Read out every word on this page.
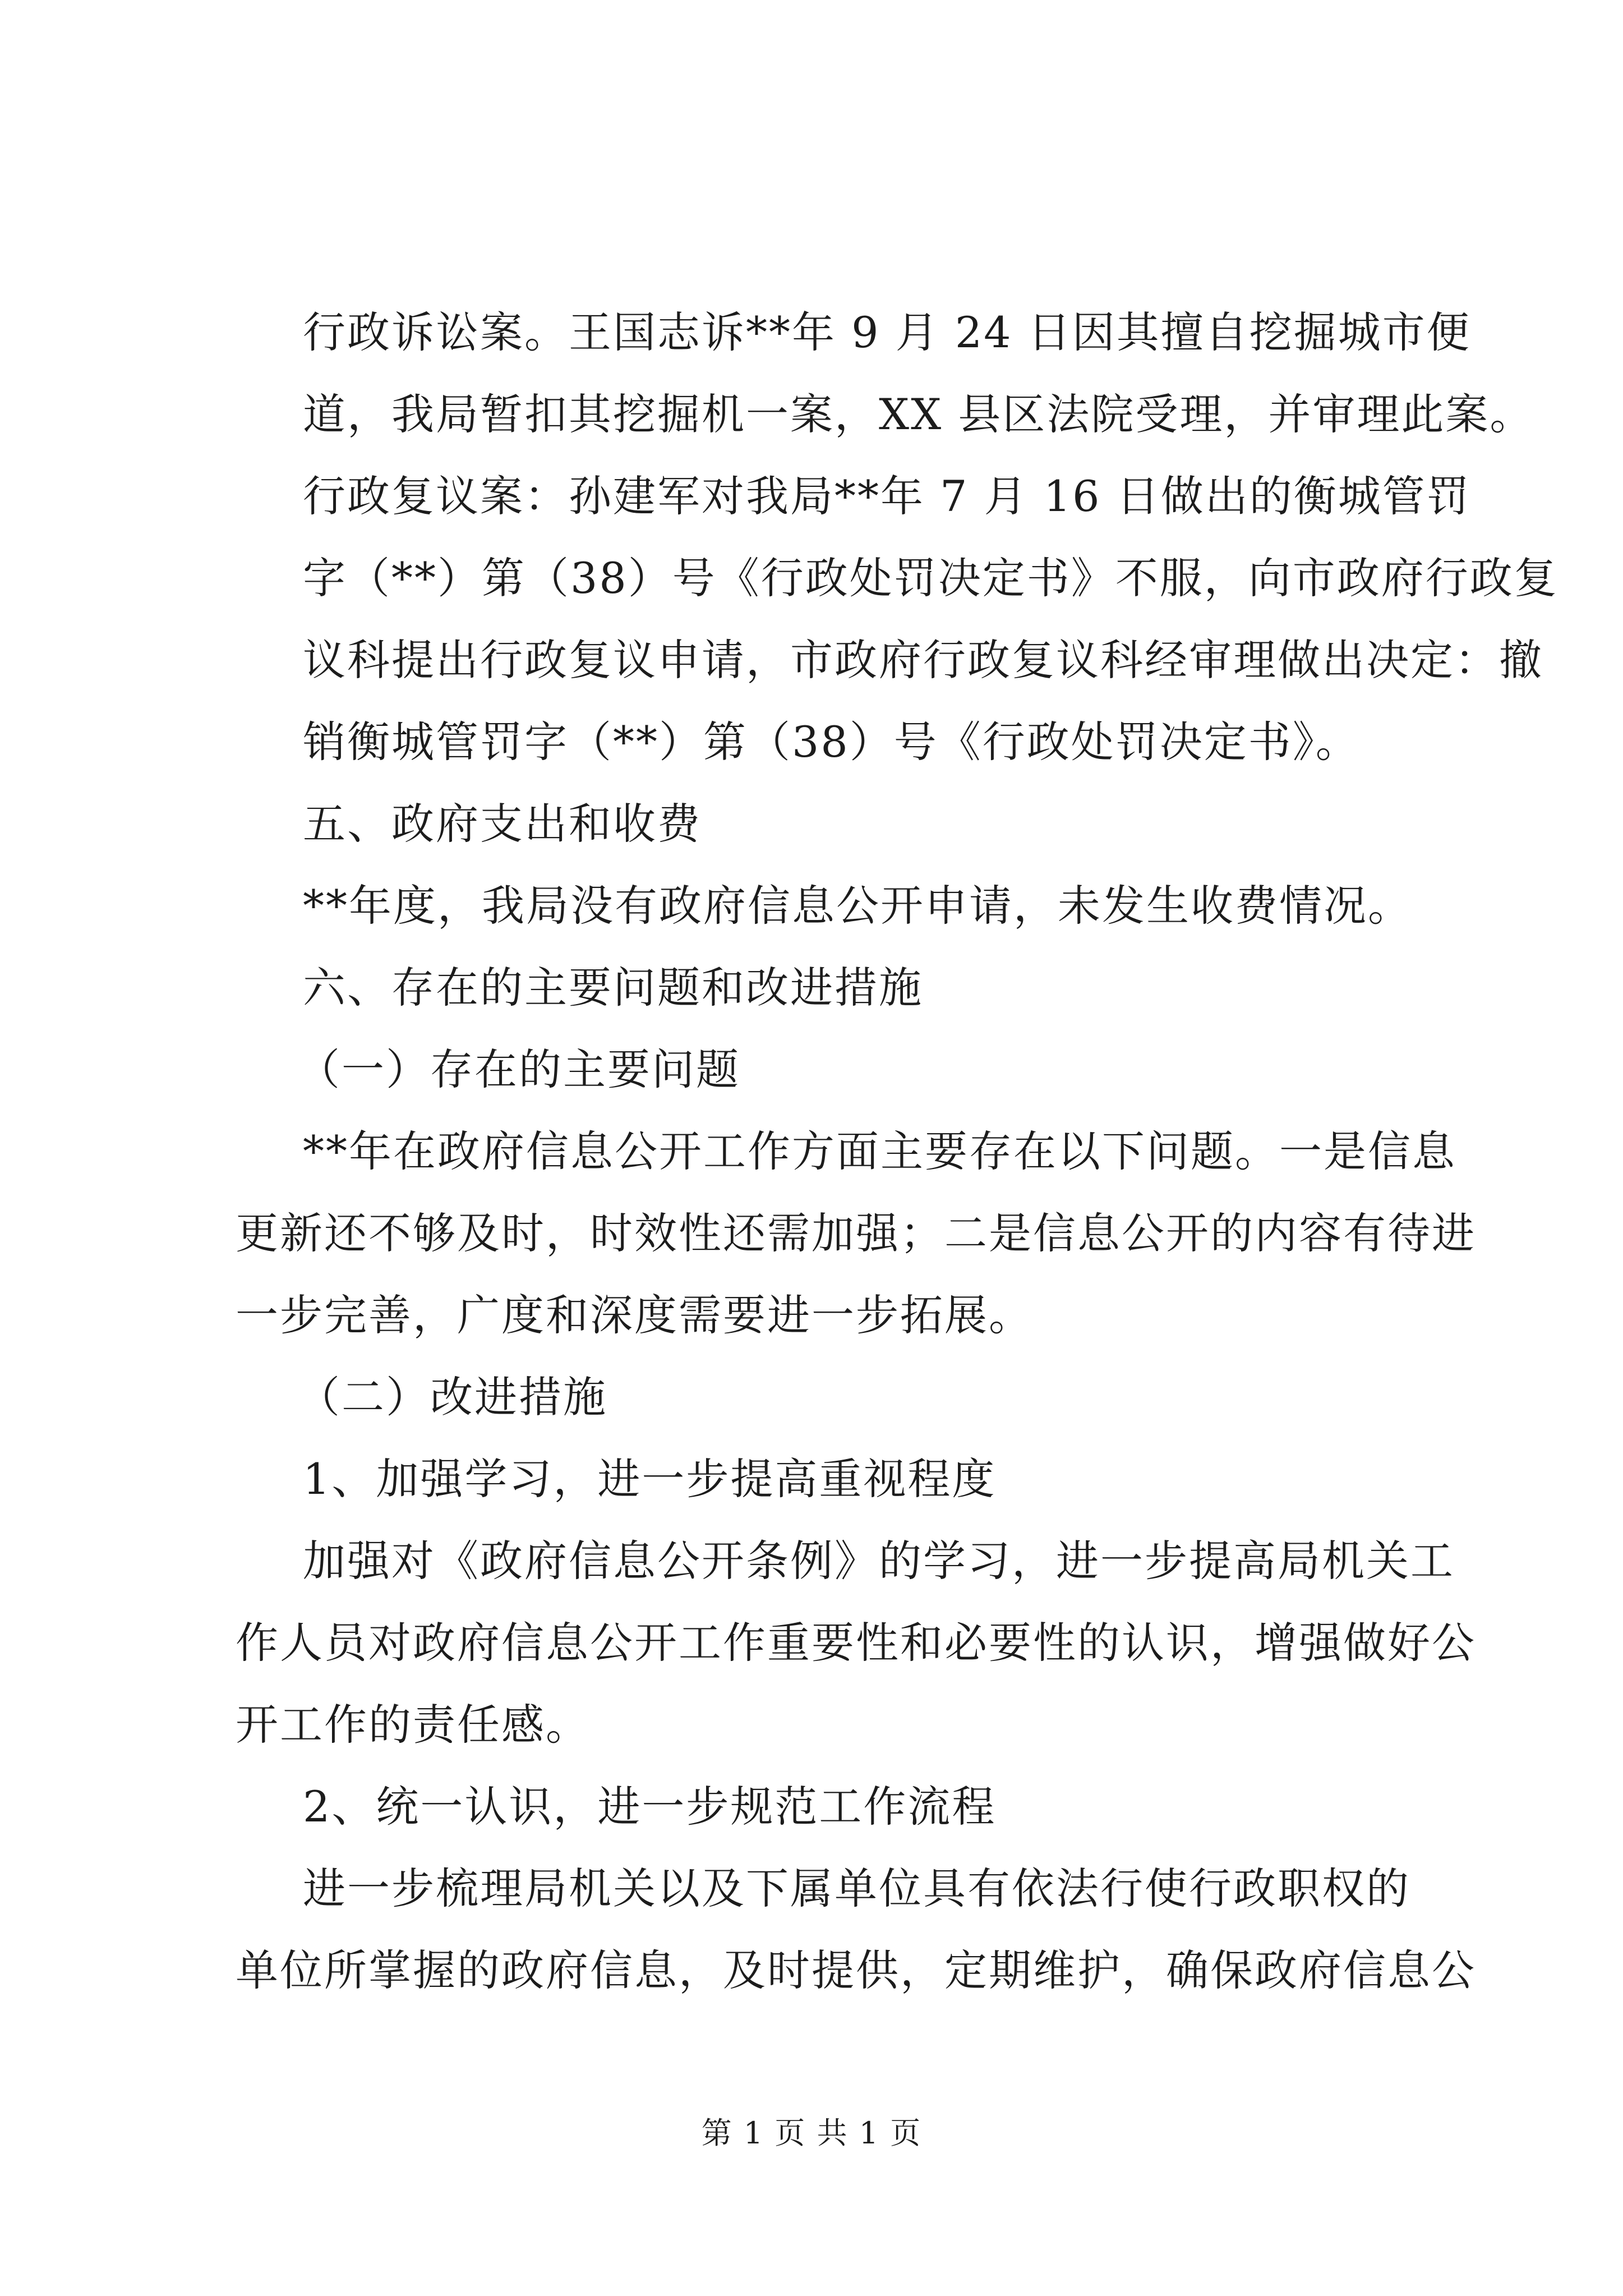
行政诉讼案。王国志诉**年 9 月 24 日因其擅自挖掘城市便
道，我局暂扣其挖掘机一案，XX 县区法院受理，并审理此案。
行政复议案：孙建军对我局**年 7 月 16 日做出的衡城管罚
字（**）第（38）号《行政处罚决定书》不服，向市政府行政复
议科提出行政复议申请，市政府行政复议科经审理做出决定：撤
销衡城管罚字（**）第（38）号《行政处罚决定书》。
五、政府支出和收费
**年度，我局没有政府信息公开申请，未发生收费情况。
六、存在的主要问题和改进措施
（一）存在的主要问题
**年在政府信息公开工作方面主要存在以下问题。一是信息
更新还不够及时，时效性还需加强；二是信息公开的内容有待进
一步完善，广度和深度需要进一步拓展。
（二）改进措施
1、加强学习，进一步提高重视程度
加强对《政府信息公开条例》的学习，进一步提高局机关工
作人员对政府信息公开工作重要性和必要性的认识，增强做好公
开工作的责任感。
2、统一认识，进一步规范工作流程
进一步梳理局机关以及下属单位具有依法行使行政职权的
单位所掌握的政府信息，及时提供，定期维护，确保政府信息公
第 1 页 共 1 页
